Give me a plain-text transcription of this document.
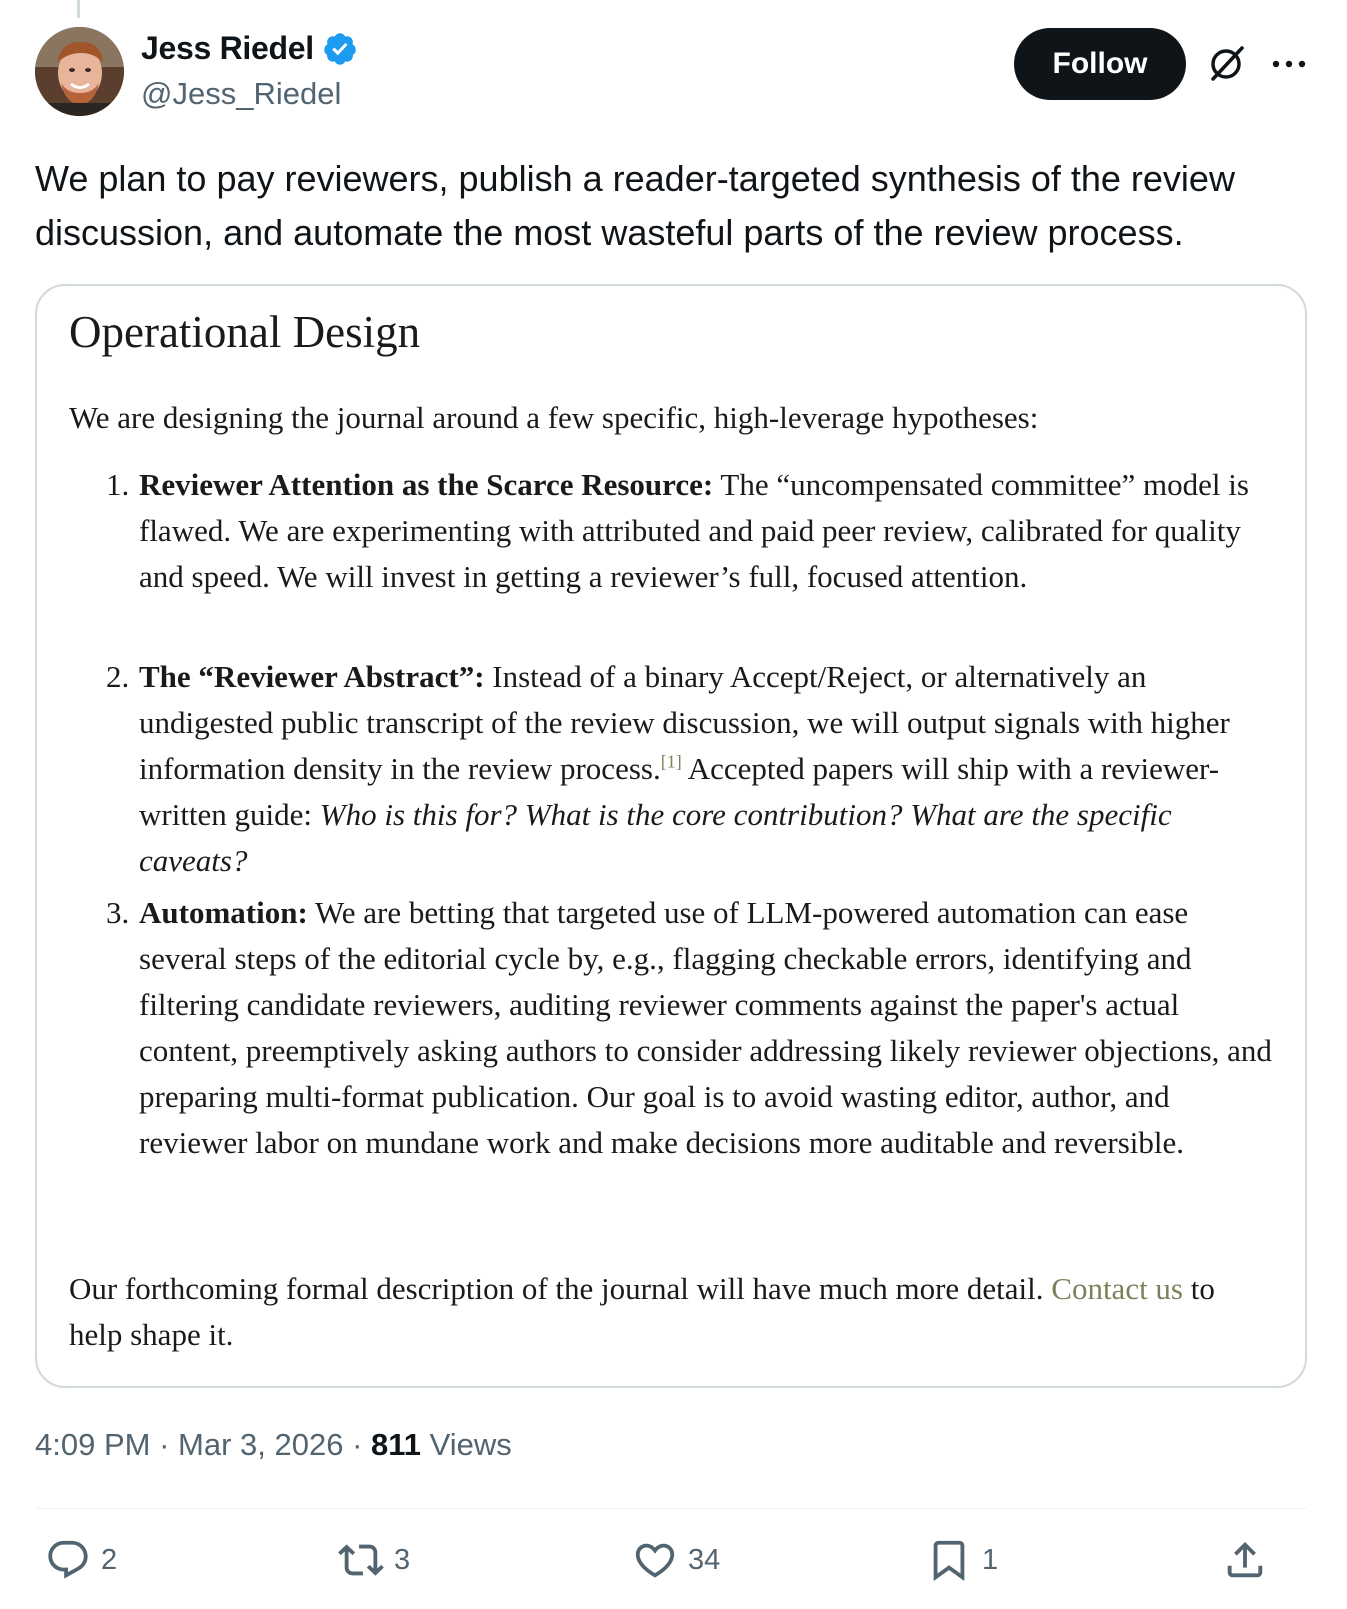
Jess Riedel
@Jess_Riedel
Follow
We plan to pay reviewers, publish a reader-targeted synthesis of the review discussion, and automate the most wasteful parts of the review process.
Operational Design
We are designing the journal around a few specific, high-leverage hypotheses:
1. Reviewer Attention as the Scarce Resource: The “uncompensated committee” model is flawed. We are experimenting with attributed and paid peer review, calibrated for quality and speed. We will invest in getting a reviewer’s full, focused attention.
2. The “Reviewer Abstract”: Instead of a binary Accept/Reject, or alternatively an undigested public transcript of the review discussion, we will output signals with higher information density in the review process.[1] Accepted papers will ship with a reviewer-written guide: Who is this for? What is the core contribution? What are the specific caveats?
3. Automation: We are betting that targeted use of LLM-powered automation can ease several steps of the editorial cycle by, e.g., flagging checkable errors, identifying and filtering candidate reviewers, auditing reviewer comments against the paper's actual content, preemptively asking authors to consider addressing likely reviewer objections, and preparing multi-format publication. Our goal is to avoid wasting editor, author, and reviewer labor on mundane work and make decisions more auditable and reversible.
Our forthcoming formal description of the journal will have much more detail. Contact us to help shape it.
4:09 PM · Mar 3, 2026 · 811 Views
2	3	34	1
